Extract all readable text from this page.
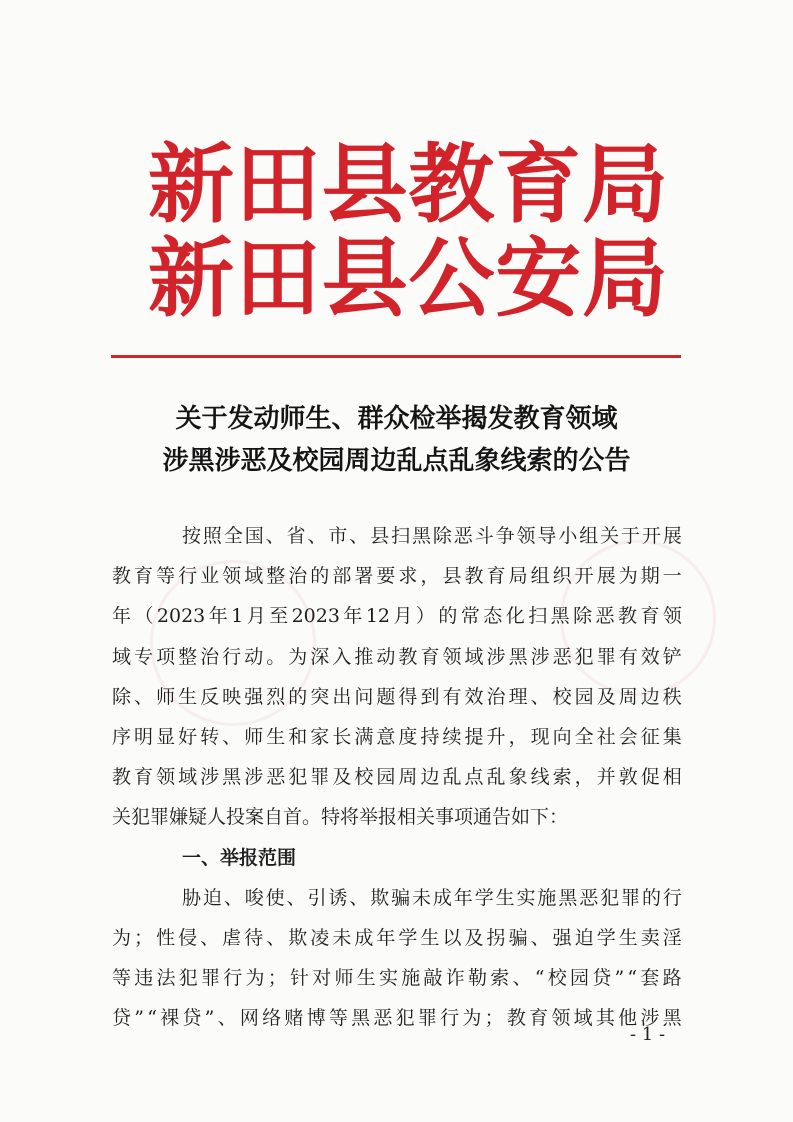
新 田 县 教 育 局
新 田 县 公 安 局
关于发动师生、群众检举揭发教育领域
涉黑涉恶及校园周边乱点乱象线索的公告
按 照 全 国 、 省 、 市 、 县 扫 黑 除 恶 斗 争 领 导 小 组 关 于 开 展
教 育 等 行 业 领 域 整 治 的 部 署 要 求 ， 县 教 育 局 组 织 开 展 为 期 一
年 （ 2023 年 1 月 至 2023 年 12 月 ） 的 常 态 化 扫 黑 除 恶 教 育 领
域 专 项 整 治 行 动 。 为 深 入 推 动 教 育 领 域 涉 黑 涉 恶 犯 罪 有 效 铲
除 、 师 生 反 映 强 烈 的 突 出 问 题 得 到 有 效 治 理 、 校 园 及 周 边 秩
序 明 显 好 转 、 师 生 和 家 长 满 意 度 持 续 提 升 ， 现 向 全 社 会 征 集
教 育 领 域 涉 黑 涉 恶 犯 罪 及 校 园 周 边 乱 点 乱 象 线 索 ， 并 敦 促 相
关犯罪嫌疑人投案自首。特将举报相关事项通告如下：
一、举报范围
胁 迫 、 唆 使 、 引 诱 、 欺 骗 未 成 年 学 生 实 施 黑 恶 犯 罪 的 行
为 ； 性 侵 、 虐 待 、 欺 凌 未 成 年 学 生 以 及 拐 骗 、 强 迫 学 生 卖 淫
等 违 法 犯 罪 行 为 ； 针 对 师 生 实 施 敲 诈 勒 索 、 “ 校 园 贷 ” “ 套 路
贷 ” “ 裸 贷 ” 、 网 络 赌 博 等 黑 恶 犯 罪 行 为 ； 教 育 领 域 其 他 涉 黑
- 1 -
